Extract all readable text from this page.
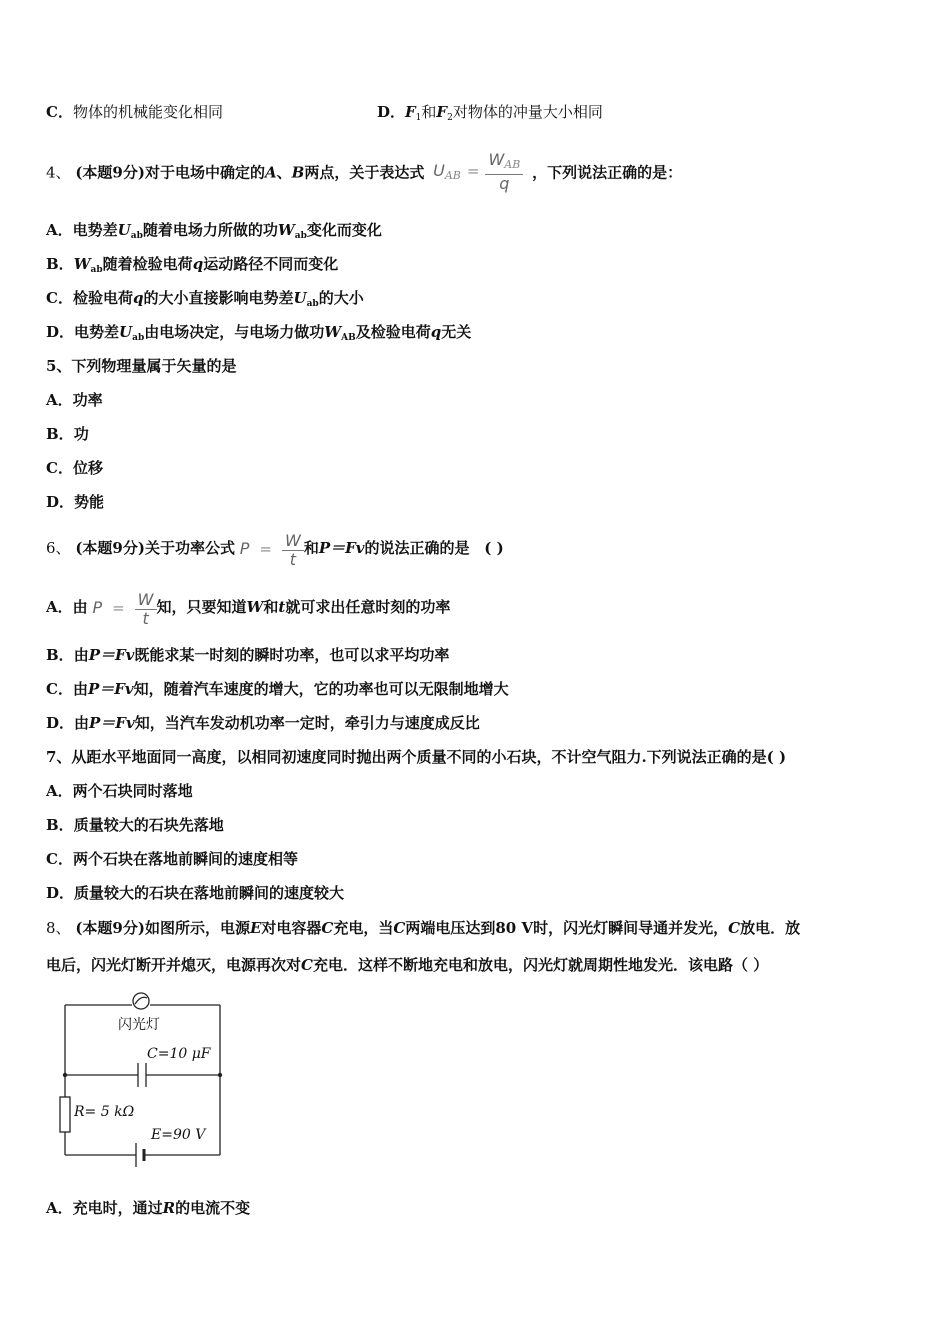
C．物体的机械能变化相同	D．$F_1$和$F_2$对物体的冲量大小相同
4、 (本题9分)对于电场中确定的A、B两点，关于表达式 $U_{AB} = \frac{W_{AB}}{q}$ ，下列说法正确的是：
A．电势差$U_{ab}$随着电场力所做的功$W_{ab}$变化而变化
B．$W_{ab}$随着检验电荷q运动路径不同而变化
C．检验电荷q的大小直接影响电势差$U_{ab}$的大小
D．电势差$U_{ab}$由电场决定，与电场力做功$W_{AB}$及检验电荷q无关
5、下列物理量属于矢量的是
A．功率
B．功
C．位移
D．势能
6、 (本题9分)关于功率公式 $P = \frac{W}{t}$ 和P＝Fv的说法正确的是 ( )
A．由 $P = \frac{W}{t}$ 知，只要知道W和t就可求出任意时刻的功率
B．由P＝Fv既能求某一时刻的瞬时功率，也可以求平均功率
C．由P＝Fv知，随着汽车速度的增大，它的功率也可以无限制地增大
D．由P＝Fv知，当汽车发动机功率一定时，牵引力与速度成反比
7、从距水平地面同一高度，以相同初速度同时抛出两个质量不同的小石块，不计空气阻力.下列说法正确的是( )
A．两个石块同时落地
B．质量较大的石块先落地
C．两个石块在落地前瞬间的速度相等
D．质量较大的石块在落地前瞬间的速度较大
8、 (本题9分)如图所示，电源E对电容器C充电，当C两端电压达到80 V时，闪光灯瞬间导通并发光，C放电．放
电后，闪光灯断开并熄灭，电源再次对C充电．这样不断地充电和放电，闪光灯就周期性地发光．该电路（ ）
闪光灯
C=10 μF
R= 5 kΩ
E=90 V
A．充电时，通过R的电流不变
